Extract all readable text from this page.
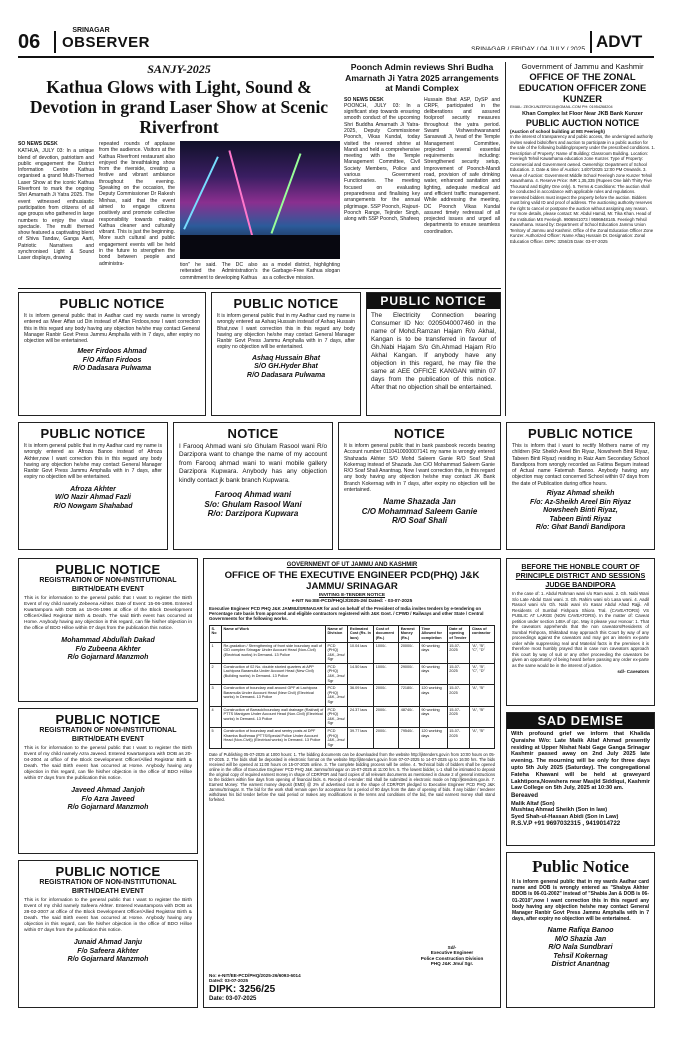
06
SRINAGAR
OBSERVER	SRINAGAR / FRIDAY / 04 JULY / 2025 ADVT
SANJY-2025
Kathua Glows with Light, Sound & Devotion in grand Laser Show at Scenic Riverfront
SO NEWS DESK
KATHUA, JULY 03: In a unique blend of devotion, patriotism and public engagement the District Information Centre Kathua organised a grand Multi-Themed Laser Show at the iconic Kathua Riverfront to mark the ongoing Shri Amarnath Ji Yatra 2025. The event witnessed enthusiastic participation from citizens of all age groups who gathered in large numbers to enjoy the visual spectacle. The multi themed show featured a captivating blend of Shiva Tandav, Ganga Aarti, Patriotic Narratives and synchronised Light & Sound Laser displays, drawing
repeated rounds of applause from the audience. Visitors at the Kathua Riverfront restaurant also enjoyed the breathtaking show from the riverside, creating a festive and vibrant ambiance throughout the evening. Speaking on the occasion, the Deputy Commissioner Dr Rakesh Minhas, said that the event aimed to engage citizens positively and promote collective responsibility towards making Kathua cleaner and culturally vibrant. This is just the beginning. More such cultural and public engagement events will be held in the future to strengthen the bond between people and administra-	tion" he said. The DC also reiterated the Administration's commitment to developing Kathua
as a model district, highlighting the Garbage-Free Kathua slogan as a collective mission.
Poonch Admin reviews Shri Budha Amarnath Ji Yatra 2025 arrangements at Mandi Complex
SO NEWS DESK
POONCH, JULY 03: In a significant step towards ensuring smooth conduct of the upcoming Shri Buddha Amarnath Ji Yatra-2025, Deputy Commissioner Poonch, Vikas Kundal, today visited the revered shrine at Mandi and held a comprehensive meeting with the Temple Management Committee, Civil Society Members, Police and various Government Functionaries. The meeting focused on evaluating preparedness and finalising key arrangements for the annual pilgrimage. SSP Poonch, Rajouri-Poonch Range, Tejinder Singh, along with SSP Poonch, Shafeeq
Hussain Bhat ASP, DySP and CRPF, participated in the deliberations and assured foolproof security measures throughout the yatra period. Swami Vishweshwaranand Saraswati Ji, head of the Temple Management Committee, projected several essential requirements including: Strengthened security setup, Improvement of Poonch-Mandi road, provision of safe drinking water, enhanced sanitation and lighting, adequate medical aid and efficient traffic management. While addressing the meeting, DC Poonch Vikas Kundal assured timely redressal of all projected issues and urged all departments to ensure seamless coordination.
Government of Jammu and Kashmir
OFFICE OF THE ZONAL EDUCATION OFFICER ZONE KUNZER
EMAIL: ZEOKUNZER2015@GMAIL.COM PH: 01954268204
Khan Complex Ist Floor Near JKB Bank Kunzer
PUBLIC AUCTION NOTICE
(Auction of school building at MS Feeriegh)
In the interest of transparency and public access, the undersigned authority invites sealed bids/offers and auction to participate in a public auction for the sale of the following building/property under the prescribed conditions. 1. Description of Property: Name of Building: Classroom Building. Location: Feeriegh Tehsil Kawarhama education zone Kunzer. Type of Property: Commercial and Government owned. Ownership: Department of School Education. 2. Date & time of Auction: 14/07/2025 12:00 PM Onwards. 3. Venue of Auction: Government Middle School Feeriegh zone Kunzer Tehsil Kawarhama. 4. Reserve Price: INR 1,35,335 (Rupees One lakh Thirty Five Thousand and Eighty One only). 5. Terms & Conditions: The auction shall be conducted in accordance with applicable rules and regulations. Interested bidders must inspect the property before the auction. Bidders must bring valid ID and proof of address. The auctioning authority reserves the right to cancel or postpone the auction without assigning any reason. For more details, please contact: Mr. Abdul Hamid, Mr. Tika Khan. Head of the Institution MS Feeriegh. 9906941073 / 9596948145. Feeriegh Tehsil Kawarhama. Issued by: Department of School Education Jammu Union Territory of Jammu and Kashmir. Office of the Zonal Education Officer Zone Kunzer. Authorized Officer: Name Aftaq Hussain Dr. Designation: Zonal Education Officer. DIPK: 3256/25 Date: 03-07-2025
PUBLIC NOTICE
It is inform general public that in Aadhar card my wards name is wrongly entered as Meer Affan ud Din instead of Affan Firdoos,now I want correction this in this regard any body having any objection he/she may contact General Manager Ranbir Govt Press Jammu Amphalla with in 7 days, after expiry no objection will be entertained.
Meer Firdoos Ahmad
F/O Affan Firdoos
R/O Dadasara Pulwama
PUBLIC NOTICE
It is inform general public that in my Aadhar card my name is wrongly entered as Ashaq Hussain instead of Ashaq Hussain Bhat,now I want correction this in this regard any body having any objection he/she may contact General Manager Ranbir Govt Press Jammu Amphalla with in 7 days, after expiry no objection will be entertained.
Ashaq Hussain Bhat
S/O GH.Hyder Bhat
R/O Dadasara Pulwama
PUBLIC NOTICE
The Electricity Connection bearing Consumer ID No: 0205040007460 in the name of Mohd.Ramzan Hajam R/o Akhal, Kangan is to be transferred in favour of Gh.Nabi Hajam S/o Gh.Ahmad Hajam R/o Akhal Kangan. If anybody have any objection in this regard, he may file the same at AEE OFFICE KANGAN within 07 days from the publication of this notice. After that no objection shall be entertained.
PUBLIC NOTICE
It is inform general public that in my Aadhar card my name is wrongly entered as Afroza Banoo instead of Afroza Akhter,now I want correction this in this regard any body having any objection he/she may contact General Manager Ranbir Govt Press Jammu Amphalla with in 7 days, after expiry no objection will be entertained.
Afroza Akhter
W/O Nazir Ahmad Fazli
R/O Nowgam Shahabad
NOTICE
I Farooq Ahmad wani s/o Ghulam Rasool wani R/o Darzipora want to change the name of my account from Farooq ahmad wani to wani mobile gallery Darzipora Kupwara. Anybody has any objection kindly contact jk bank branch Kupwara.
Farooq Ahmad wani
S/o: Ghulam Rasool Wani
R/o: Darzipora Kupwara
NOTICE
It is inform general public that in bank passbook records bearing Account number 0110410000007141 my name is wrongly entered Shahzada Akhter S/O Mohd Saleem Ganie R/O Soaf Shali Kokernag instead of Shazada Jan C/O Mohammad Saleem Ganie R/O Soaf Shali Anantnag. Now I want correction this, in this regard any body having any objection he/she may contact JK Bank Branch Kokernag with in 7 days, after expiry no objection will be entertained.
Name Shazada Jan
C/O Mohammad Saleem Ganie
R/O Soaf Shali
PUBLIC NOTICE
This is inform that i want to rectify Mothers name of my children (Riz Sheikh Areel Bin Riyaz, Nowsheeh Binti Riyaz, Tabeen Binti Riyaz) residing in Raiz Aam Secondary School Bandipora from wrongly recorded as Fatima Begum instead of Actual name Fatemah Banoo. Anybody having any objection may contact concerned School within 07 days from the date of Publication during office hours.
Riyaz Ahmad sheikh
F/o: Az-Sheikh Areel Bin Riyaz
Nowsheeh Binti Riyaz,
Tabeen Binti Riyaz
R/o: Ghat Bandi Bandipora
PUBLIC NOTICE
REGISTRATION OF NON-INSTITUTIONAL BIRTH/DEATH EVENT
This is for information to the general public that I want to register the Birth Event of my child namely Zebeena Akhter. Date of Event: 15-06-1996. Entered Kwartampora with DOB as 15-06-1996 at office of the Block Development Officer/Allied Registrar Birth & Death. The said Birth event has occurred at Home. Anybody having any objection in this regard, can file his/her objection in the office of BDO Hilloe within 07 days from the publication this notice.
Mohammad Abdullah Dakad
F/o Zubeena Akhter
R/o Gojarnard Manzmoh
PUBLIC NOTICE
REGISTRATION OF NON-INSTITUTIONAL BIRTH/DEATH EVENT
This is for information to the general public that I want to register the Birth Event of my child namely Azra Javeed. Entered Kwartampora with DOB as 20-04-2004 at office of the Block Development Officer/Allied Registrar Birth & Death. The said Birth event has occurred at Home. Anybody having any objection in this regard, can file his/her objection in the office of BDO Hilloe within 07 days from the publication this notice.
Javeed Ahmad Janjoh
F/o Azra Javeed
R/o Gojarnard Manzmoh
PUBLIC NOTICE
REGISTRATION OF NON-INSTITUTIONAL BIRTH/DEATH EVENT
This is for information to the general public that I want to register the Birth Event of my child namely Safeera Akhter. Entered Kwartampora with DOB as 28-02-2007 at office of the Block Development Officer/Allied Registrar Birth & Death. The said Birth event has occurred at Home. Anybody having any objection in this regard, can file his/her objection in the office of BDO Hilloe within 07 days from the publication this notice.
Junaid Ahmad Janju
F/o Safeera Akhter
R/o Gojarnard Manzmoh
GOVERNMENT OF UT JAMMU AND KASHMIR
OFFICE OF THE EXECUTIVE ENGINEER PCD(PHQ) J&K JAMMU/ SRINAGAR
INVITING E-TENDER NOTICE
e-NIT No:EE-PCD/PHQ/J/2025-26/ Dated: - 03-07-2025
Executive Engineer PCD PHQ J&K JAMMU/SRINAGAR for and on behalf of the President of India invites tenders by e-tendering on Percentage rate basis from approved and eligible contractors registered with J&K Govt. / CPWD / Railways and other State / Central Governments for the following works.
S. No	Name of Work	Name of Division	Estimated Cost (Rs. In lacs)	Cost of document (Rs.)	Earnest Money (Rs.)	Time Allowed for completion	Date of opening of Tender	Class of contractor
1	Re-gradation / Strengthening of front side boundary wall of CID complex Srinagar Under Account Head (Non-Civil) (Electrical works) In Demand- 13 Police	PCD (PHQ) J&K, Jmu/ Sgr	10.04 lacs	1000/-	20000/-	90 working days	15-07-2025	"A", "B", "C", "D"
2	Construction of 02 No. double storied quarters at APP Lachipora Baramulla Under Account Head (New Civil) (Building works) In Demand- 13 Police	PCD (PHQ) J&K, Jmu/ Sgr	14.50 lacs	1000/-	29000/-	90 working days	15-07-2025	"A", "B", "C", "D"
3	Construction of boundary wall around GPF at Lachipora Baramulla Under Account Head (New Civil) (Electrical works) In Demand- 13 Police	PCD (PHQ) J&K, Jmu/ Sgr	36.09 lacs	2000/-	72180/-	120 working days	15-07-2025	"A", "B"
4	Construction of Barrack/boundary wall drainage (Rakhat) of PTTS Manigam Under Account Head (Non-Civil) (Electrical works) In Demand- 13 Police	PCD (PHQ) J&K, Jmu/ Sgr	24.37 lacs	2000/-	48740/-	90 working days	15-07-2025	"A", "B"
5	Construction of boundary wall and sentry posts at DPF Khamba Budhmaa (PTTS/Special Police Under Account Head (Non-Civil)) (Electrical works) In Demand- 13 Police	PCD (PHQ) J&K, Jmu/ Sgr	39.77 lacs	2000/-	79540/-	120 working days	15-07-2025	"A", "B"
Date of Publishing 05-07-2025 at 1000 hours: 1. The bidding documents can be downloaded from the website http://jktenders.gov.in from 10:00 hours on 05-07-2025. 2. The bids shall be deposited in electronic format on the website http://jktenders.gov.in from 07-07-2025 to 14-07-2025 up to 16:00 hrs. The bids received will be opened at 11:00 hours on 15-07-2025 online. 3. The complete bidding process will be online. 4. Technical bids of bidders shall be opened online in the office of Executive Engineer PCD PHQ J&K Jammu/Srinagar on 15-07-2025 at 11:00 hrs. 5. The lowest bidder, L-1 shall be intimated to deposit the original copy of required earnest money in shape of CDR/FDR and hard copies of all relevant documents as mentioned in clause 2 of general instructions to the bidders within five days from opening of financial bids. 6. Receipt of e-tender: Bid shall be submitted in electronic mode on http://jktenders.gov.in. 7. Earnest Money: The earnest money deposit (EMD) @ 2% of advertised cost in the shape of CDR/FDR pledged to Executive Engineer PCD PHQ J&K Jammu/Srinagar. 8. The bid for the work shall remain open for acceptance for a period of 90 days from the date of opening of bids. If any bidder / tenderer withdraws his bid tender before the said period or makes any modifications in the terms and conditions of the bid, the said earnest money shall stand forfeited.
Sd/-
Executive Engineer
Police Construction Division
PHQ J&K Jmu/ Sgr.
No: e-NIT/EE-PCD/PHQ/2025-26/6093-6014
Dated: 03-07-2025
DIPK: 3256/25
Date: 03-07-2025
BEFORE THE HONBLE COURT OF PRINCIPLE DISTRICT AND SESSIONS JUDGE BANDIPORA
In the case of: 1. Abdul Rahman wani s/o Ram wani. 2. Gh. Nabi Wani S/o Late Abdul Gani wani. 3. Gh. Rahim wani s/o Lasa wani. 4. Aadil Rasool wani s/o Gh. Nabi wani r/o Kasar Abdul Ahad Rajji. All Residents of Sumbal Fishpora Shiora Tral. (CAVEATORS) VS PUBLIC AT LARGE (NON CAVEATORS). In the matter of: Caveat petition under section 148A of cpc. May it please your Honour: 1. That the caveators apprehends that the non caveators/Residents of Sumbal Fishpora, Shiktabad may approach this Court by way of any proceedings against the caveators and may get an interim ex-parte order while suppressing real and Material facts in the premises it is therefore most humbly prayed that in case non caveators approach this court by way of suit or any other proceeding the caveators be given an opportunity of being heard before passing any order ex-parte as the same would be in the interest of justice.
sd/- Caveators
SAD DEMISE
With profound grief we inform that Khalida Quraishe W/o: Late Malik Altaf Ahmad presently residing at Upper Nishat Nabi Gage Ganga Srinagar Kashmir passed away on 2nd July 2025 late evening. The mourning will be only for three days upto 5th July 2025 (Saturday). The congregational Fateha Khawani will be held at graveyard Lakhtipora,Nowshera near Masjid Siddiqui, Kashmir Law College on 5th July, 2025 at 10:30 am.
Bereaved
Malik Altaf (Son)
Mushtaq Ahmad Sheikh (Son in law)
Syed Shah-ul-Hassan Abidi (Son in Law)
R.S.V.P +91 9697032315 , 9419014722
Public Notice
It is inform general public that in my wards Aadhar card name and DOB is wrongly entered as "Shabya Akhter BDOB is 06-01-2002" instead of "Shabia Jan & DOB is 06-01-2010",now I want correction this in this regard any body having any objection he/she may contact General Manager Ranbir Govt Press Jammu Amphalla with in 7 days, after expiry no objection will be entertained.
Name Rafiqa Banoo
M/O Shazia Jan
R/O Nala Sundbrari
Tehsil Kokernag
District Anantnag
